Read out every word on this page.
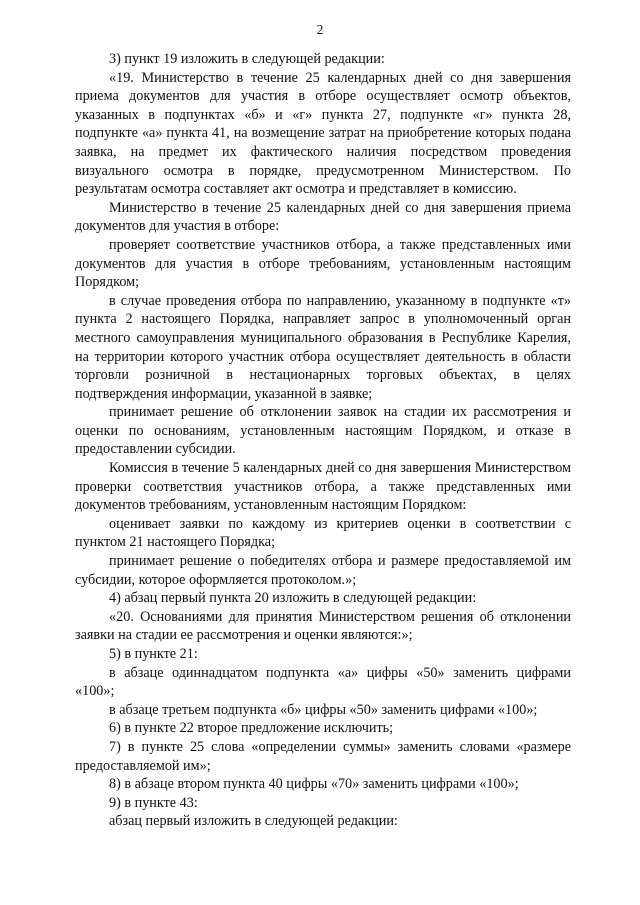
2

3) пункт 19 изложить в следующей редакции:

«19. Министерство в течение 25 календарных дней со дня завершения приема документов для участия в отборе осуществляет осмотр объектов, указанных в подпунктах «б» и «г» пункта 27, подпункте «г» пункта 28, подпункте «а» пункта 41, на возмещение затрат на приобретение которых подана заявка, на предмет их фактического наличия посредством проведения визуального осмотра в порядке, предусмотренном Министерством. По результатам осмотра составляет акт осмотра и представляет в комиссию.

Министерство в течение 25 календарных дней со дня завершения приема документов для участия в отборе:

проверяет соответствие участников отбора, а также представленных ими документов для участия в отборе требованиям, установленным настоящим Порядком;

в случае проведения отбора по направлению, указанному в подпункте «т» пункта 2 настоящего Порядка, направляет запрос в уполномоченный орган местного самоуправления муниципального образования в Республике Карелия, на территории которого участник отбора осуществляет деятельность в области торговли розничной в нестационарных торговых объектах, в целях подтверждения информации, указанной в заявке;

принимает решение об отклонении заявок на стадии их рассмотрения и оценки по основаниям, установленным настоящим Порядком, и отказе в предоставлении субсидии.

Комиссия в течение 5 календарных дней со дня завершения Министерством проверки соответствия участников отбора, а также представленных ими документов требованиям, установленным настоящим Порядком:

оценивает заявки по каждому из критериев оценки в соответствии с пунктом 21 настоящего Порядка;

принимает решение о победителях отбора и размере предоставляемой им субсидии, которое оформляется протоколом.»;

4) абзац первый пункта 20 изложить в следующей редакции:

«20. Основаниями для принятия Министерством решения об отклонении заявки на стадии ее рассмотрения и оценки являются:»;

5) в пункте 21:

в абзаце одиннадцатом подпункта «а» цифры «50» заменить цифрами «100»;

в абзаце третьем подпункта «б» цифры «50» заменить цифрами «100»;

6) в пункте 22 второе предложение исключить;

7) в пункте 25 слова «определении суммы» заменить словами «размере предоставляемой им»;

8) в абзаце втором пункта 40 цифры «70» заменить цифрами «100»;

9) в пункте 43:

абзац первый изложить в следующей редакции:
